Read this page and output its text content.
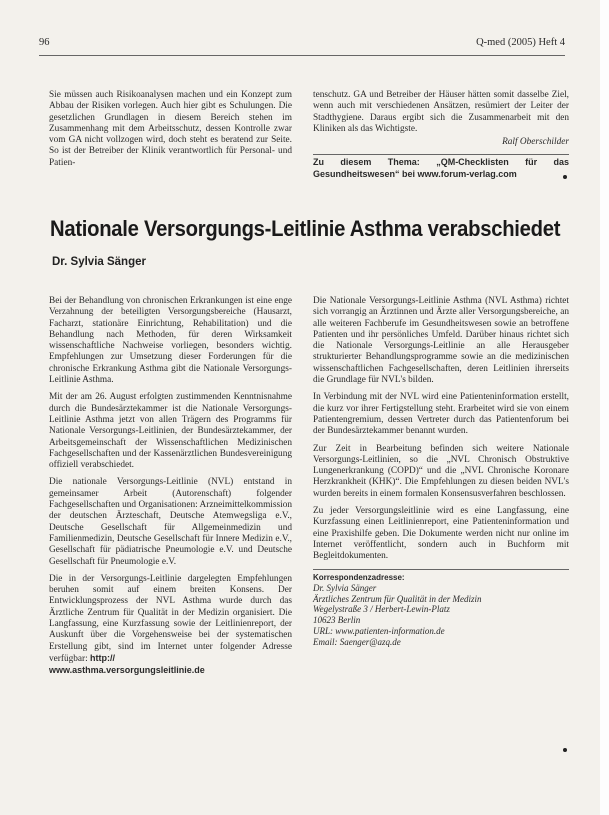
96	Q-med (2005) Heft 4

Sie müssen auch Risikoanalysen machen und ein Konzept zum Abbau der Risiken vorlegen. Auch hier gibt es Schulungen. Die gesetzlichen Grundlagen in diesem Bereich stehen im Zusammenhang mit dem Arbeitsschutz, dessen Kontrolle zwar vom GA nicht vollzogen wird, doch steht es beratend zur Seite. So ist der Betreiber der Klinik verantwortlich für Personal- und Patien-

tenschutz. GA und Betreiber der Häuser hätten somit dasselbe Ziel, wenn auch mit verschiedenen Ansätzen, resümiert der Leiter der Stadthygiene. Daraus ergibt sich die Zusammenarbeit mit den Kliniken als das Wichtigste.

Ralf Oberschilder

Zu diesem Thema: „QM-Checklisten für das Gesundheitswesen“ bei www.forum-verlag.com
Nationale Versorgungs-Leitlinie Asthma verabschiedet
Dr. Sylvia Sänger

Bei der Behandlung von chronischen Erkrankungen ist eine enge Verzahnung der beteiligten Versorgungsbereiche (Hausarzt, Facharzt, stationäre Einrichtung, Rehabilitation) und die Behandlung nach Methoden, für deren Wirksamkeit wissenschaftliche Nachweise vorliegen, besonders wichtig. Empfehlungen zur Umsetzung dieser Forderungen für die chronische Erkrankung Asthma gibt die Nationale Versorgungs-Leitlinie Asthma.

Mit der am 26. August erfolgten zustimmenden Kenntnisnahme durch die Bundesärztekammer ist die Nationale Versorgungs-Leitlinie Asthma jetzt von allen Trägern des Programms für Nationale Versorgungs-Leitlinien, der Bundesärztekammer, der Arbeitsgemeinschaft der Wissenschaftlichen Medizinischen Fachgesellschaften und der Kassenärztlichen Bundesvereinigung offiziell verabschiedet.

Die nationale Versorgungs-Leitlinie (NVL) entstand in gemeinsamer Arbeit (Autorenschaft) folgender Fachgesellschaften und Organisationen: Arzneimittelkommission der deutschen Ärzteschaft, Deutsche Atemwegsliga e.V., Deutsche Gesellschaft für Allgemeinmedizin und Familienmedizin, Deutsche Gesellschaft für Innere Medizin e.V., Gesellschaft für pädiatrische Pneumologie e.V. und Deutsche Gesellschaft für Pneumologie e.V.

Die in der Versorgungs-Leitlinie dargelegten Empfehlungen beruhen somit auf einem breiten Konsens. Der Entwicklungsprozess der NVL Asthma wurde durch das Ärztliche Zentrum für Qualität in der Medizin organisiert. Die Langfassung, eine Kurzfassung sowie der Leitlinienreport, der Auskunft über die Vorgehensweise bei der systematischen Erstellung gibt, sind im Internet unter folgender Adresse verfügbar: http://

www.asthma.versorgungsleitlinie.de

Die Nationale Versorgungs-Leitlinie Asthma (NVL Asthma) richtet sich vorrangig an Ärztinnen und Ärzte aller Versorgungsbereiche, an alle weiteren Fachberufe im Gesundheitswesen sowie an betroffene Patienten und ihr persönliches Umfeld. Darüber hinaus richtet sich die Nationale Versorgungs-Leitlinie an alle Herausgeber strukturierter Behandlungsprogramme sowie an die medizinischen wissenschaftlichen Fachgesellschaften, deren Leitlinien ihrerseits die Grundlage für NVL's bilden.

In Verbindung mit der NVL wird eine Patienteninformation erstellt, die kurz vor ihrer Fertigstellung steht. Erarbeitet wird sie von einem Patientengremium, dessen Vertreter durch das Patientenforum bei der Bundesärztekammer benannt wurden.

Zur Zeit in Bearbeitung befinden sich weitere Nationale Versorgungs-Leitlinien, so die „NVL Chronisch Obstruktive Lungenerkrankung (COPD)“ und die „NVL Chronische Koronare Herzkrankheit (KHK)“. Die Empfehlungen zu diesen beiden NVL's wurden bereits in einem formalen Konsensusverfahren beschlossen.

Zu jeder Versorgungsleitlinie wird es eine Langfassung, eine Kurzfassung einen Leitlinienreport, eine Patienteninformation und eine Praxishilfe geben. Die Dokumente werden nicht nur online im Internet veröffentlicht, sondern auch in Buchform mit Begleitdokumenten.

Korrespondenzadresse:
Dr. Sylvia Sänger
Ärztliches Zentrum für Qualität in der Medizin
Wegelystraße 3 / Herbert-Lewin-Platz
10623 Berlin
URL: www.patienten-information.de
Email: Saenger@azq.de
